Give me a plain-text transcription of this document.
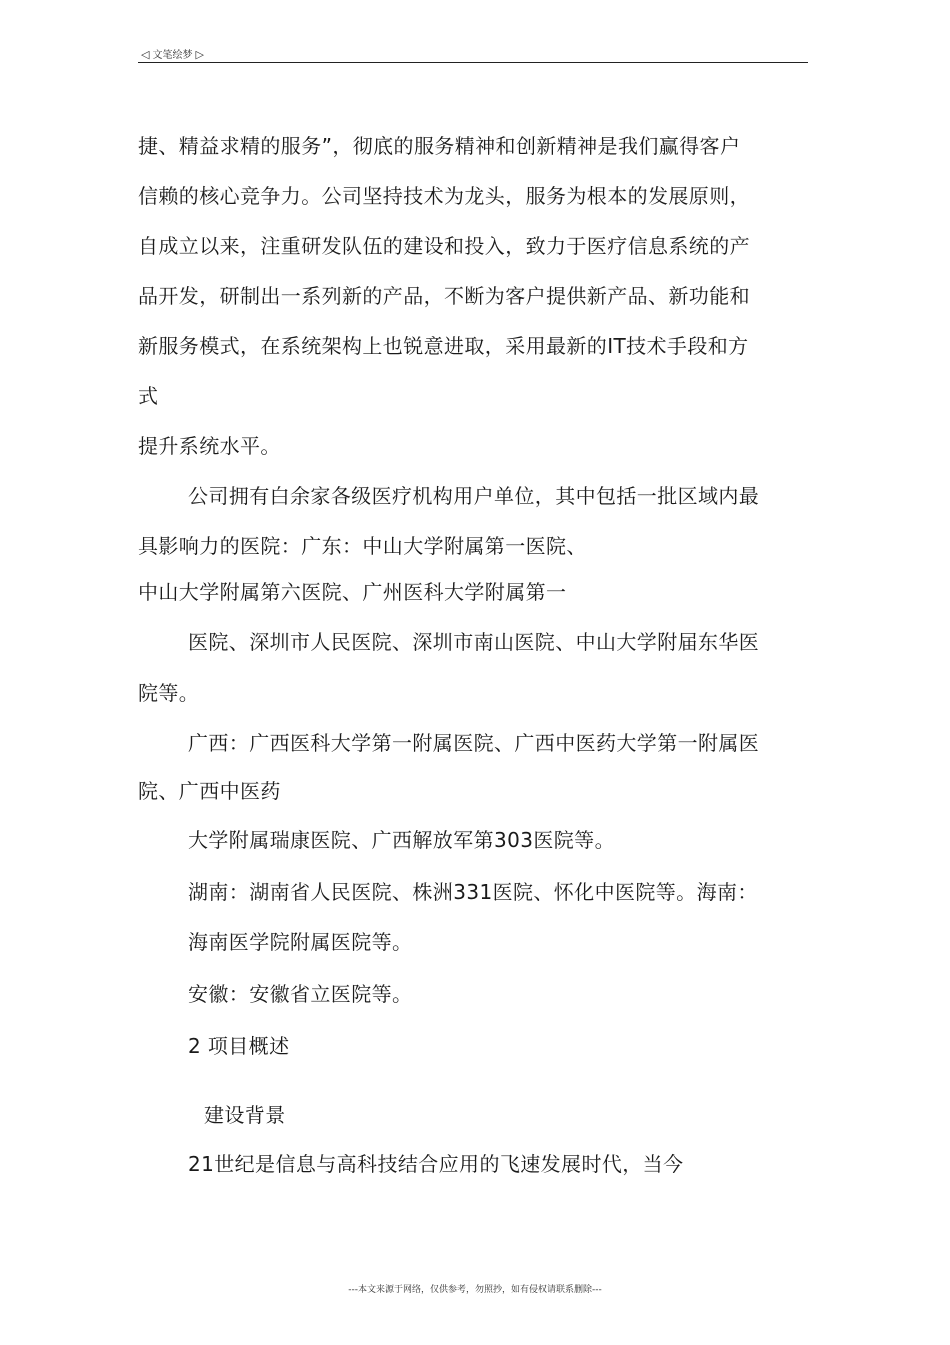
◁ 文笔绘梦 ▷
捷、精益求精的服务”，彻底的服务精神和创新精神是我们赢得客户
信赖的核心竞争力。公司坚持技术为龙头，服务为根本的发展原则，
自成立以来，注重研发队伍的建设和投入，致力于医疗信息系统的产
品开发，研制出一系列新的产品，不断为客户提供新产品、新功能和
新服务模式，在系统架构上也锐意进取，采用最新的IT技术手段和方
式
提升系统水平。
公司拥有白余家各级医疗机构用户单位，其中包括一批区域内最
具影响力的医院：广东：中山大学附属第一医院、
中山大学附属第六医院、广州医科大学附属第一
医院、深圳市人民医院、深圳市南山医院、中山大学附届东华医
院等。
广西：广西医科大学第一附属医院、广西中医药大学第一附属医
院、广西中医药
大学附属瑞康医院、广西解放军第303医院等。
湖南：湖南省人民医院、株洲331医院、怀化中医院等。海南：
海南医学院附属医院等。
安徽：安徽省立医院等。
2 项目概述
建设背景
21世纪是信息与高科技结合应用的飞速发展时代，当今
---本文来源于网络，仅供参考，勿照抄，如有侵权请联系删除---
